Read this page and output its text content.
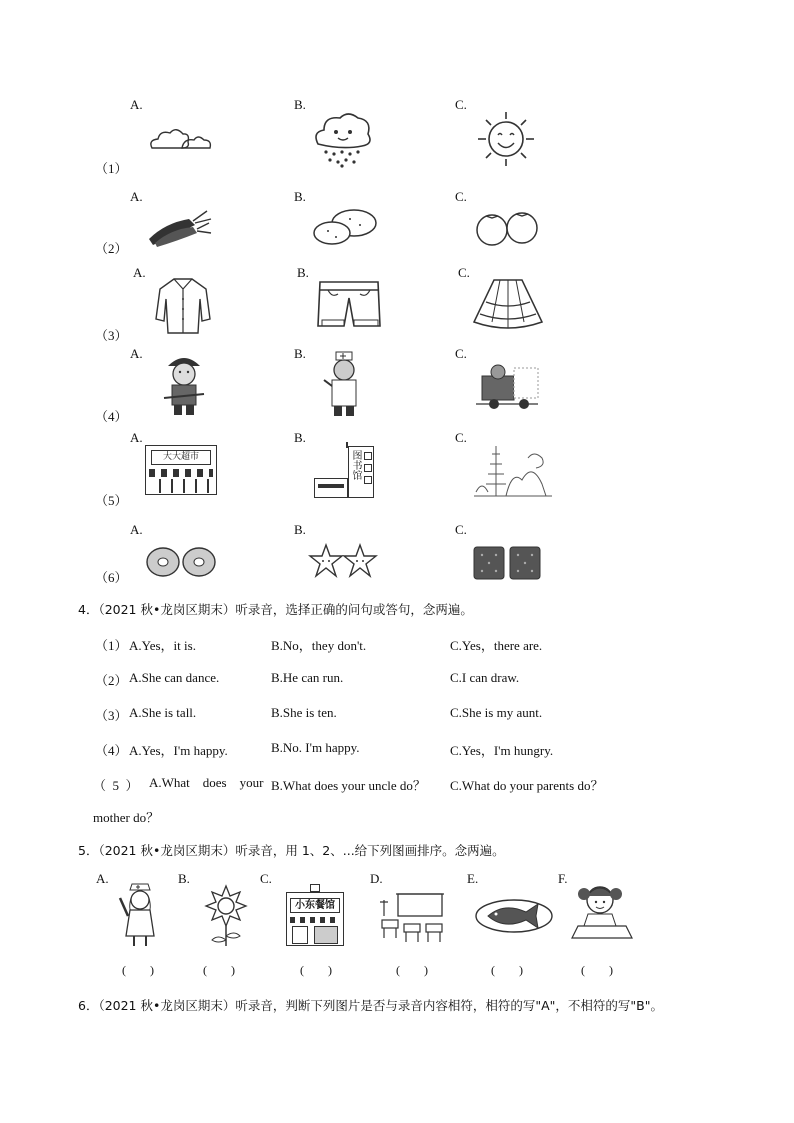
A.	B.	C.
（1）
A.	B.	C.
（2）
A.	B.	C.
（3）
A.	B.	C.
（4）
A.	B.	C.
（5）
大大超市	图书馆
A.	B.	C.
（6）
4．（2021 秋•龙岗区期末）听录音，选择正确的问句或答句，念两遍。
（1） A.Yes，it is.	B.No，they don't.	C.Yes，there are.
（2） A.She can dance.	B.He can run.	C.I can draw.
（3） A.She is tall.	B.She is ten.	C.She is my aunt.
（4） A.Yes，I'm happy.	B.No. I'm happy.	C.Yes，I'm hungry.
（  5  ） A.What    does    your B.What does your uncle do？ C.What do your parents do？
mother do？
5．（2021 秋•龙岗区期末）听录音，用 1、2、...给下列图画排序。念两遍。
A.	B.	C.	D.	E.	F.
小东餐馆
(        )	(        )	(        )	(        )	(        )	(        )
6．（2021 秋•龙岗区期末）听录音，判断下列图片是否与录音内容相符，相符的写"A"，不相符的写"B"。
